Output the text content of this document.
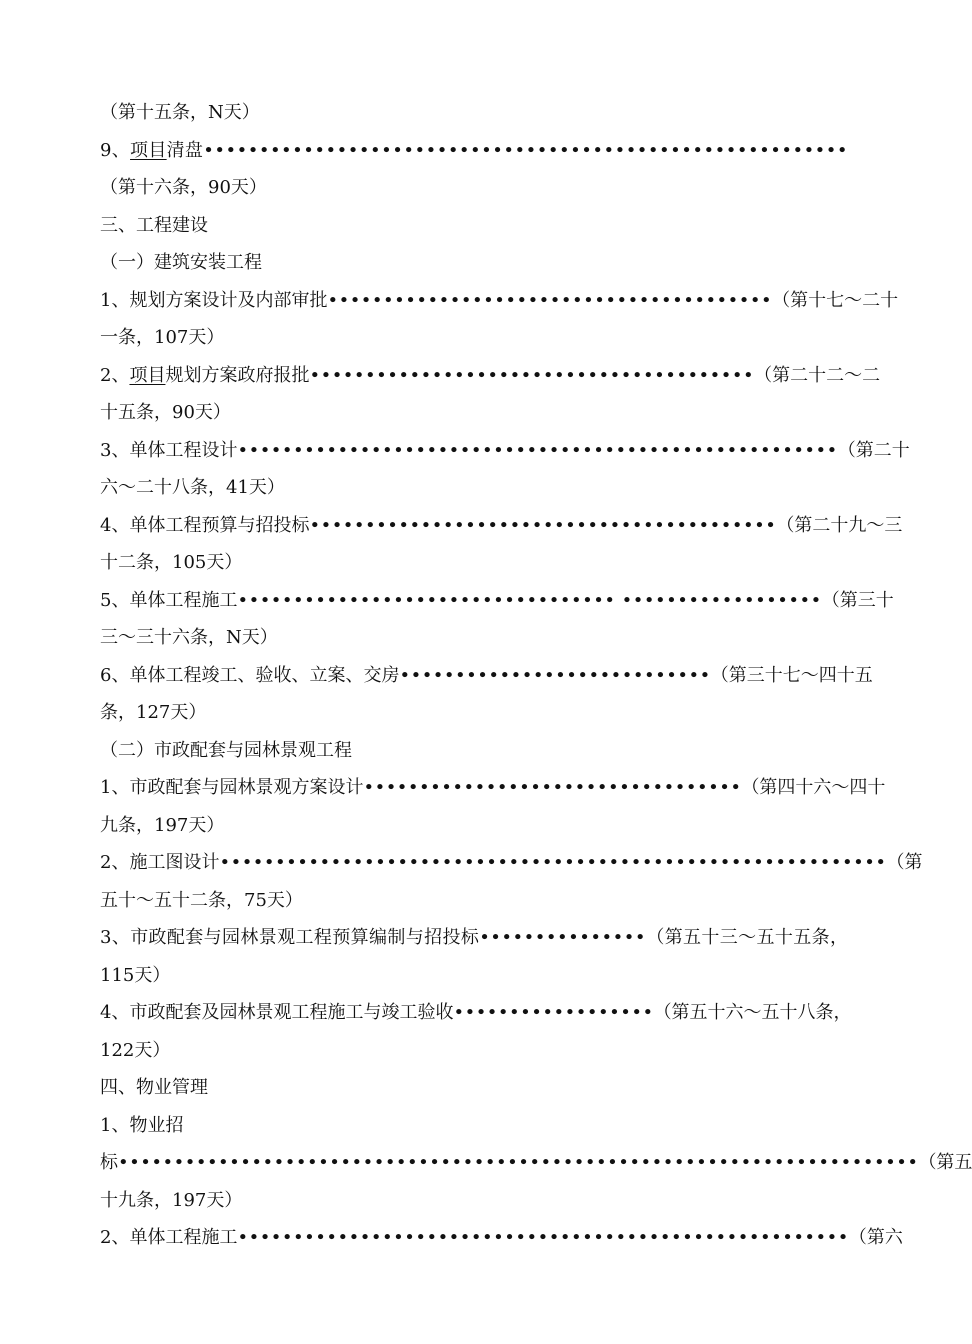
（第十五条，N天）
9、项目清盘••••••••••••••••••••••••••••••••••••••••••••••••••••••••••
（第十六条，90天）
三、工程建设
（一）建筑安装工程
1、规划方案设计及内部审批••••••••••••••••••••••••••••••••••••••••（第十七～二十
一条，107天）
2、项目规划方案政府报批••••••••••••••••••••••••••••••••••••••••（第二十二～二
十五条，90天）
3、单体工程设计••••••••••••••••••••••••••••••••••••••••••••••••••••••（第二十
六～二十八条，41天）
4、单体工程预算与招投标••••••••••••••••••••••••••••••••••••••••••（第二十九～三
十二条，105天）
5、单体工程施工•••••••••••••••••••••••••••••••••• ••••••••••••••••••（第三十
三～三十六条，N天）
6、单体工程竣工、验收、立案、交房••••••••••••••••••••••••••••（第三十七～四十五
条，127天）
（二）市政配套与园林景观工程
1、市政配套与园林景观方案设计••••••••••••••••••••••••••••••••••（第四十六～四十
九条，197天）
2、施工图设计••••••••••••••••••••••••••••••••••••••••••••••••••••••••••••（第
五十～五十二条，75天）
3、市政配套与园林景观工程预算编制与招投标•••••••••••••••（第五十三～五十五条，
115天）
4、市政配套及园林景观工程施工与竣工验收••••••••••••••••••（第五十六～五十八条，
122天）
四、物业管理
1、物业招
标••••••••••••••••••••••••••••••••••••••••••••••••••••••••••••••••••••••••（第五
十九条，197天）
2、单体工程施工•••••••••••••••••••••••••••••••••••••••••••••••••••••••（第六
